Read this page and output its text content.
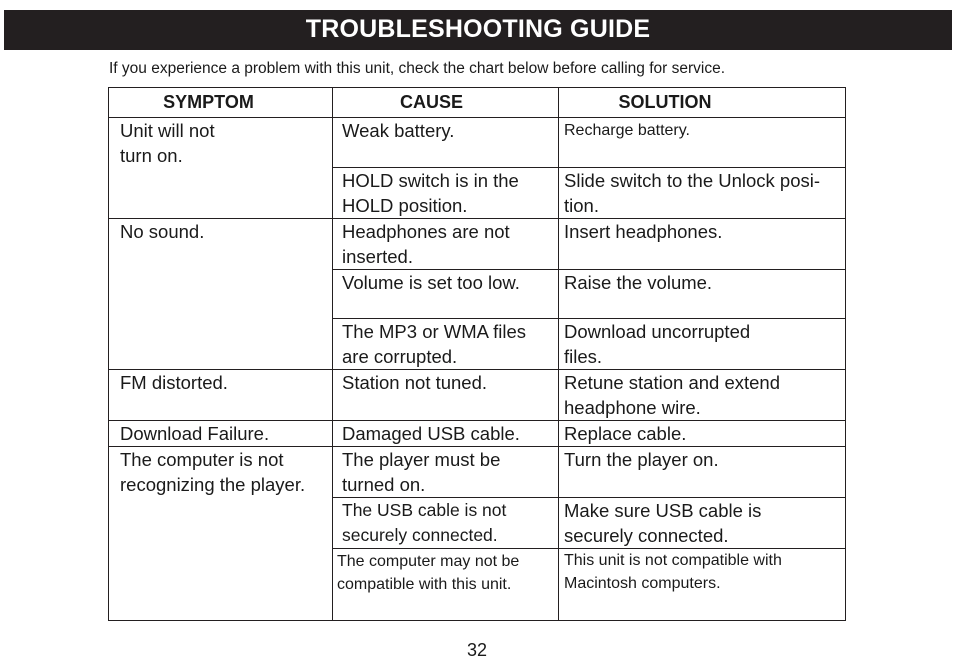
TROUBLESHOOTING GUIDE
If you experience a problem with this unit, check the chart below before calling for service.
SYMPTOM	CAUSE	SOLUTION

Unit will not turn on.	Weak battery.	Recharge battery.
	HOLD switch is in the HOLD position.	Slide switch to the Unlock posi-tion.

No sound.	Headphones are not inserted.	Insert headphones.
	Volume is set too low.	Raise the volume.

	The MP3 or WMA files are corrupted.	Download uncorrupted files.

FM distorted.	Station not tuned.	Retune station and extend headphone wire.

Download Failure.	Damaged USB cable.	Replace cable.

The computer is not recognizing the player.	The player must be turned on.	Turn the player on.

	The USB cable is not securely connected.	Make sure USB cable is securely connected.

	The computer may not be compatible with this unit.	This unit is not compatible with Macintosh computers.
32
